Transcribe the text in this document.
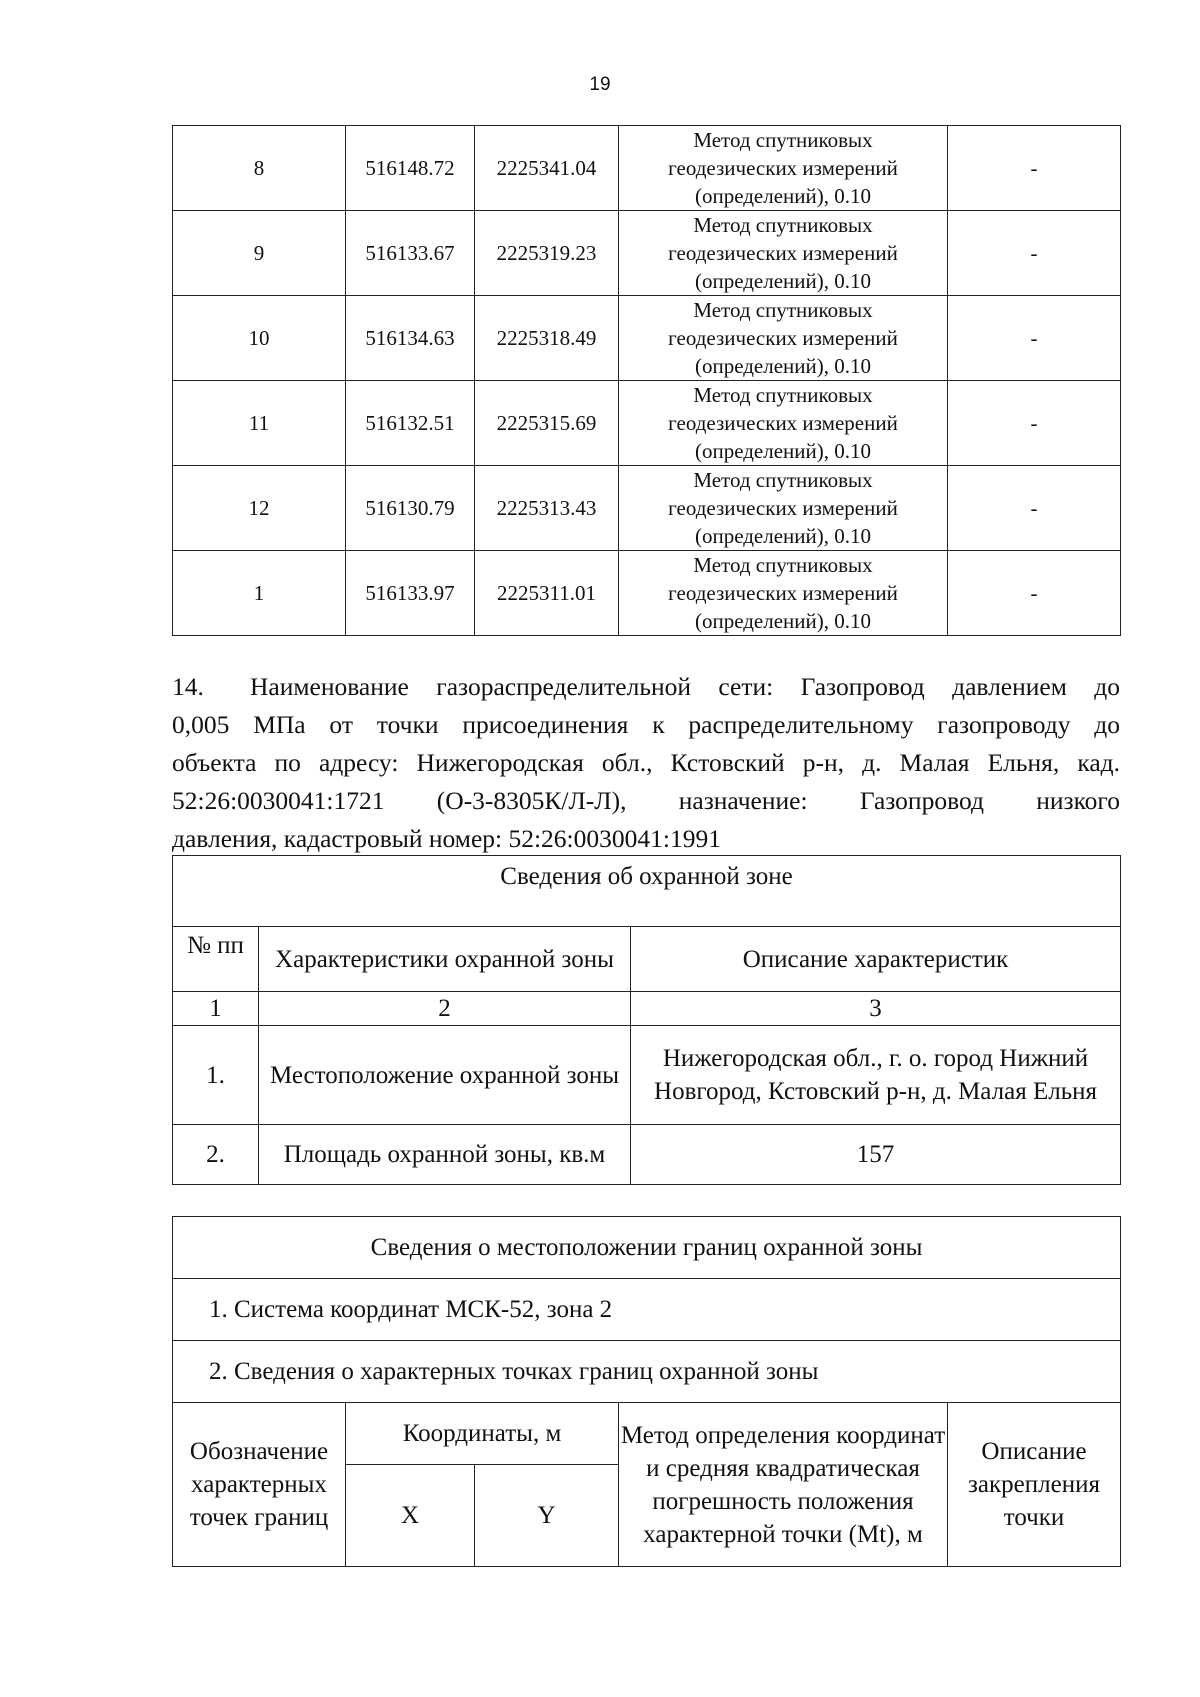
19
8	516148.72	2225341.04	Метод спутниковых
геодезических измерений
(определений), 0.10	-
9	516133.67	2225319.23	Метод спутниковых
геодезических измерений
(определений), 0.10	-
10	516134.63	2225318.49	Метод спутниковых
геодезических измерений
(определений), 0.10	-
11	516132.51	2225315.69	Метод спутниковых
геодезических измерений
(определений), 0.10	-
12	516130.79	2225313.43	Метод спутниковых
геодезических измерений
(определений), 0.10	-
1	516133.97	2225311.01	Метод спутниковых
геодезических измерений
(определений), 0.10	-
14. Наименование газораспределительной сети: Газопровод давлением до
0,005 МПа от точки присоединения к распределительному газопроводу до
объекта по адресу: Нижегородская обл., Кстовский р-н, д. Малая Ельня, кад.
52:26:0030041:1721 (О-3-8305К/Л-Л), назначение: Газопровод низкого
давления, кадастровый номер: 52:26:0030041:1991
Сведения об охранной зоне		
№ пп	Характеристики охранной зоны	Описание характеристик
1	2	3
1.	Местоположение охранной зоны	Нижегородская обл., г. о. город Нижний Новгород, Кстовский р-н, д. Малая Ельня
2.	Площадь охранной зоны, кв.м	157
Сведения о местоположении границ охранной зоны				
1. Система координат МСК-52, зона 2				
2. Сведения о характерных точках границ охранной зоны				
Обозначение характерных точек границ	Координаты, м		Метод определения координат и средняя квадратическая погрешность положения характерной точки (Mt), м	Описание закрепления точки
	X	Y		
